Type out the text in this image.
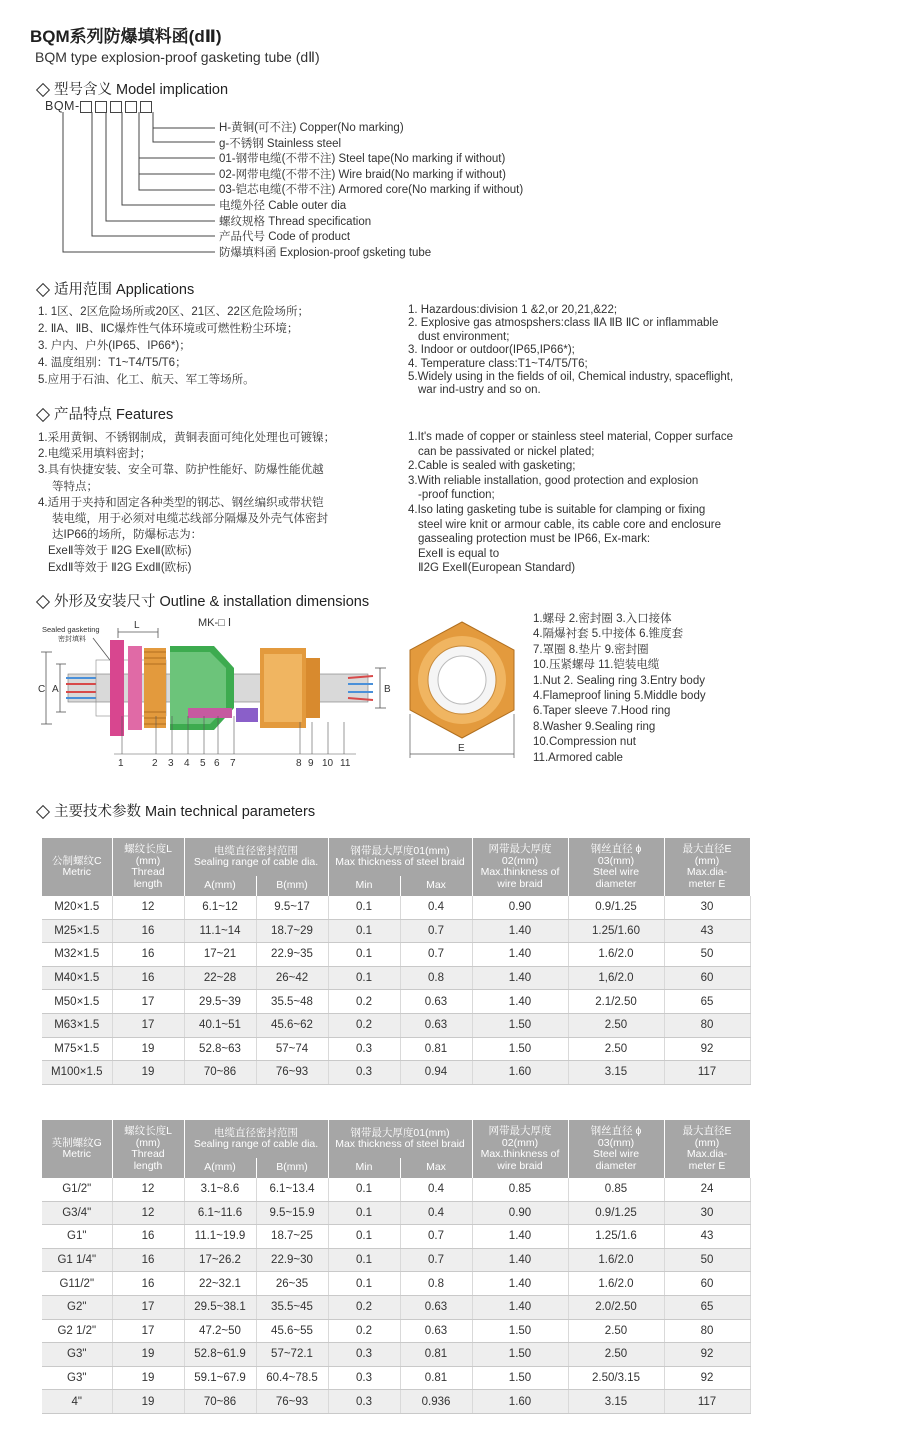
BQM系列防爆填料函(dⅡ)
BQM type explosion-proof gasketing tube (dⅡ)
型号含义 Model implication
BQM-
H-黄铜(可不注) Copper(No marking)
g-不锈钢 Stainless steel
01-钢带电缆(不带不注) Steel tape(No marking if without)
02-网带电缆(不带不注) Wire braid(No marking if without)
03-铠芯电缆(不带不注) Armored core(No marking if without)
电缆外径 Cable outer dia
螺纹规格 Thread specification
产品代号 Code of product
防爆填料函 Explosion-proof gsketing tube
适用范围 Applications
1. 1区、2区危险场所或20区、21区、22区危险场所；
2. ⅡA、ⅡB、ⅡC爆炸性气体环境或可燃性粉尘环境；
3. 户内、户外(IP65、IP66*)；
4. 温度组别：T1~T4/T5/T6；
5.应用于石油、化工、航天、军工等场所。
1. Hazardous:division 1 &2,or 20,21,&22;
2. Explosive gas atmospshers:class ⅡA ⅡB ⅡC or inflammable
dust environment;
3. Indoor or outdoor(IP65,IP66*);
4. Temperature class:T1~T4/T5/T6;
5.Widely using in the fields of oil, Chemical industry, spaceflight,
war ind-ustry and so on.
产品特点 Features
1.采用黄铜、不锈钢制成，黄铜表面可纯化处理也可镀镍；
2.电缆采用填料密封；
3.具有快捷安装、安全可靠、防护性能好、防爆性能优越
等特点；
4.适用于夹持和固定各种类型的钢芯、钢丝编织或带状铠
装电缆，用于必须对电缆芯线部分隔爆及外壳气体密封
达IP66的场所，防爆标志为：
ExeⅡ等效于 Ⅱ2G ExeⅡ(欧标)
ExdⅡ等效于 Ⅱ2G ExdⅡ(欧标)
1.It's made of copper or stainless steel material, Copper surface
can be passivated or nickel plated;
2.Cable is sealed with gasketing;
3.With reliable installation, good protection and explosion
-proof function;
4.Iso lating gasketing tube is suitable for clamping or fixing
steel wire knit or armour cable, its cable core and enclosure
gassealing protection must be IP66, Ex-mark:
ExeⅡ is equal to
Ⅱ2G ExeⅡ(European Standard)
外形及安装尺寸 Outline & installation dimensions
MK-□ Ⅰ
Sealed gasketing
密封填料
L
C A	B
1	2 3 4 5 6 7	8 9 10 11
E
1.螺母 2.密封圈 3.入口接体
4.隔爆衬套 5.中接体 6.锥度套
7.罩圈 8.垫片 9.密封圈
10.压紧螺母 11.铠装电缆
1.Nut 2. Sealing ring 3.Entry body
4.Flameproof lining 5.Middle body
6.Taper sleeve 7.Hood ring
8.Washer 9.Sealing ring
10.Compression nut
11.Armored cable
主要技术参数 Main technical parameters
公制螺纹C
Metric	螺纹长度L
(mm)
Thread
length	电缆直径密封范围
Sealing range of cable dia.		钢带最大厚度01(mm)
Max thickness of steel braid		网带最大厚度
02(mm)
Max.thinkness of
wire braid	钢丝直径 ϕ
03(mm)
Steel wire
diameter	最大直径E
(mm)
Max.dia-
meter E
		A(mm)	B(mm)	Min	Max			
M20×1.5	12	6.1~12	9.5~17	0.1	0.4	0.90	0.9/1.25	30
M25×1.5	16	11.1~14	18.7~29	0.1	0.7	1.40	1.25/1.60	43
M32×1.5	16	17~21	22.9~35	0.1	0.7	1.40	1.6/2.0	50
M40×1.5	16	22~28	26~42	0.1	0.8	1.40	1,6/2.0	60
M50×1.5	17	29.5~39	35.5~48	0.2	0.63	1.40	2.1/2.50	65
M63×1.5	17	40.1~51	45.6~62	0.2	0.63	1.50	2.50	80
M75×1.5	19	52.8~63	57~74	0.3	0.81	1.50	2.50	92
M100×1.5	19	70~86	76~93	0.3	0.94	1.60	3.15	117
英制螺纹G
Metric	螺纹长度L
(mm)
Thread
length	电缆直径密封范围
Sealing range of cable dia.		钢带最大厚度01(mm)
Max thickness of steel braid		网带最大厚度
02(mm)
Max.thinkness of
wire braid	钢丝直径 ϕ
03(mm)
Steel wire
diameter	最大直径E
(mm)
Max.dia-
meter E
		A(mm)	B(mm)	Min	Max			
G1/2"	12	3.1~8.6	6.1~13.4	0.1	0.4	0.85	0.85	24
G3/4"	12	6.1~11.6	9.5~15.9	0.1	0.4	0.90	0.9/1.25	30
G1"	16	11.1~19.9	18.7~25	0.1	0.7	1.40	1.25/1.6	43
G1 1/4"	16	17~26.2	22.9~30	0.1	0.7	1.40	1.6/2.0	50
G11/2"	16	22~32.1	26~35	0.1	0.8	1.40	1.6/2.0	60
G2"	17	29.5~38.1	35.5~45	0.2	0.63	1.40	2.0/2.50	65
G2 1/2"	17	47.2~50	45.6~55	0.2	0.63	1.50	2.50	80
G3"	19	52.8~61.9	57~72.1	0.3	0.81	1.50	2.50	92
G3"	19	59.1~67.9	60.4~78.5	0.3	0.81	1.50	2.50/3.15	92
4"	19	70~86	76~93	0.3	0.936	1.60	3.15	117
